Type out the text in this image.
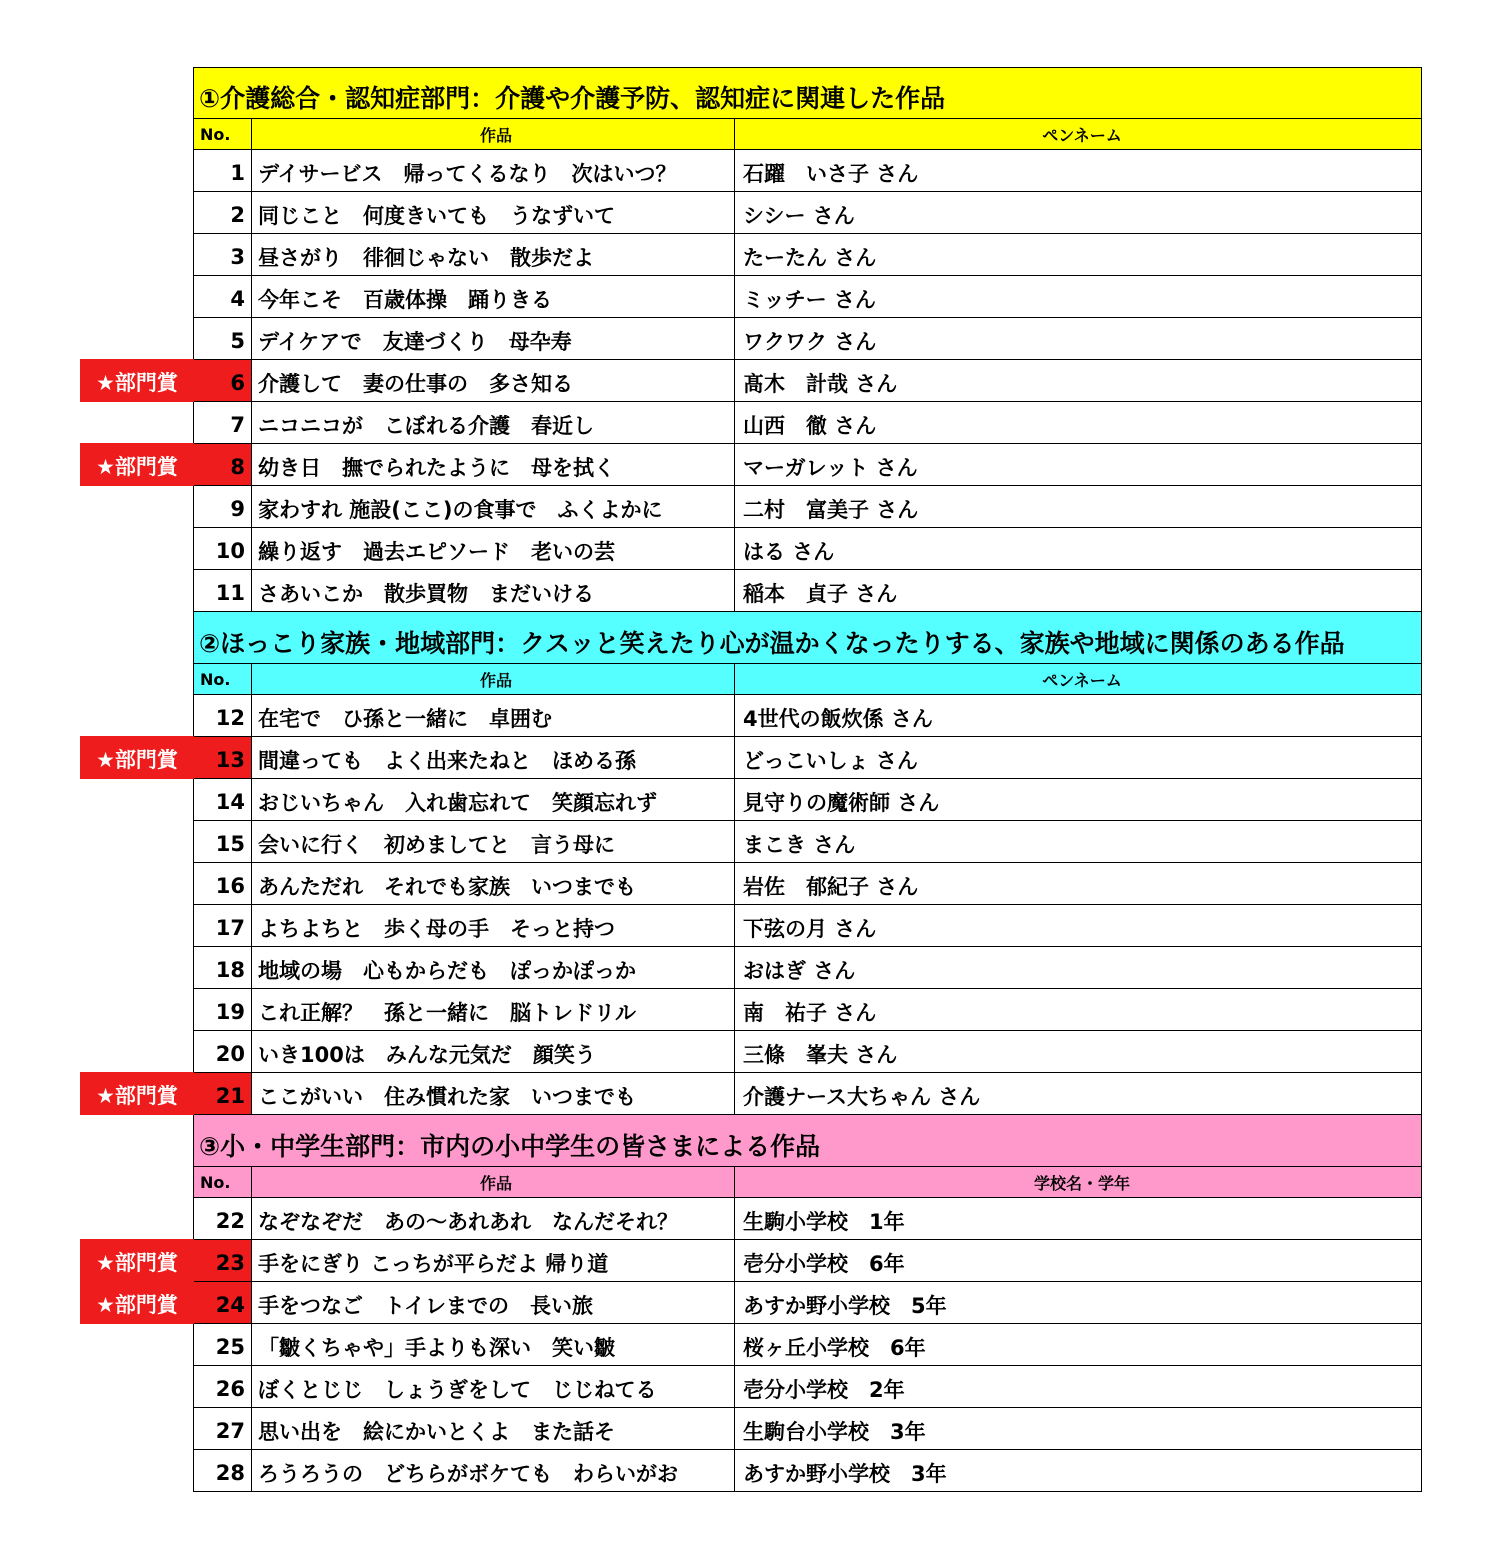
①介護総合・認知症部門：介護や介護予防、認知症に関連した作品
No.	作品	ペンネーム
1 デイサービス　帰ってくるなり　次はいつ？	石躍　いさ子 さん
2 同じこと　何度きいても　うなずいて	シシー さん
3 昼さがり　徘徊じゃない　散歩だよ	たーたん さん
4 今年こそ　百歳体操　踊りきる	ミッチー さん
5 デイケアで　友達づくり　母卆寿	ワクワク さん
★部門賞	6 介護して　妻の仕事の　多さ知る	髙木　計哉 さん
7 ニコニコが　こぼれる介護　春近し	山西　徹 さん
★部門賞	8 幼き日　撫でられたように　母を拭く	マーガレット さん
9 家わすれ 施設(ここ)の食事で　ふくよかに	二村　富美子 さん
10 繰り返す　過去エピソード　老いの芸	はる さん
11 さあいこか　散歩買物　まだいける	稲本　貞子 さん
②ほっこり家族・地域部門：クスッと笑えたり心が温かくなったりする、家族や地域に関係のある作品
No.	作品	ペンネーム
12 在宅で　ひ孫と一緒に　卓囲む	4世代の飯炊係 さん
★部門賞	13 間違っても　よく出来たねと　ほめる孫	どっこいしょ さん
14 おじいちゃん　入れ歯忘れて　笑顔忘れず	見守りの魔術師 さん
15 会いに行く　初めましてと　言う母に	まこき さん
16 あんただれ　それでも家族　いつまでも	岩佐　郁紀子 さん
17 よちよちと　歩く母の手　そっと持つ	下弦の月 さん
18 地域の場　心もからだも　ぽっかぽっか	おはぎ さん
19 これ正解？　孫と一緒に　脳トレドリル	南　祐子 さん
20 いき100は　みんな元気だ　顔笑う	三條　峯夫 さん
★部門賞	21 ここがいい　住み慣れた家　いつまでも	介護ナース大ちゃん さん
③小・中学生部門：市内の小中学生の皆さまによる作品
No.	作品	学校名・学年
22 なぞなぞだ　あの～あれあれ　なんだそれ？	生駒小学校　1年
★部門賞	23 手をにぎり こっちが平らだよ 帰り道	壱分小学校　6年
★部門賞	24 手をつなご　トイレまでの　長い旅	あすか野小学校　5年
25 「皺くちゃや」手よりも深い　笑い皺	桜ヶ丘小学校　6年
26 ぼくとじじ　しょうぎをして　じじねてる	壱分小学校　2年
27 思い出を　絵にかいとくよ　また話そ	生駒台小学校　3年
28 ろうろうの　どちらがボケても　わらいがお	あすか野小学校　3年
